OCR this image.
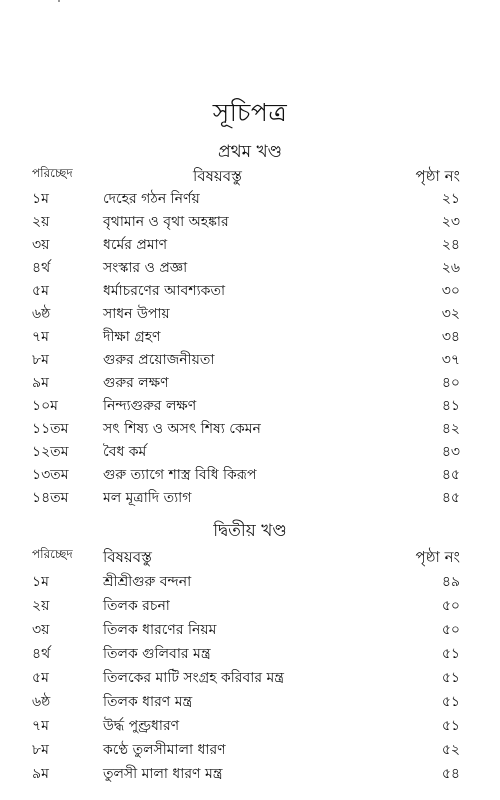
সূচিপত্র
প্রথম খণ্ড
পরিচ্ছেদ	বিষয়বস্তু	পৃষ্ঠা নং
১ম	দেহের গঠন নির্ণয়	২১
২য়	বৃথামান ও বৃথা অহঙ্কার	২৩
৩য়	ধর্মের প্রমাণ	২৪
৪র্থ	সংস্কার ও প্রজ্ঞা	২৬
৫ম	ধর্মাচরণের আবশ্যকতা	৩০
৬ষ্ঠ	সাধন উপায়	৩২
৭ম	দীক্ষা গ্রহণ	৩৪
৮ম	গুরুর প্রয়োজনীয়তা	৩৭
৯ম	গুরুর লক্ষণ	৪০
১০ম	নিন্দ্যগুরুর লক্ষণ	৪১
১১তম সৎ শিষ্য ও অসৎ শিষ্য কেমন	৪২
১২তম বৈধ কর্ম	৪৩
১৩তম গুরু ত্যাগে শাস্ত্র বিধি কিরূপ	৪৫
১৪তম মল মূত্রাদি ত্যাগ	৪৫
দ্বিতীয় খণ্ড
পরিচ্ছেদ বিষয়বস্তু	পৃষ্ঠা নং
১ম	শ্রীশ্রীগুরু বন্দনা	৪৯
২য়	তিলক রচনা	৫০
৩য়	তিলক ধারণের নিয়ম	৫০
৪র্থ	তিলক গুলিবার মন্ত্র	৫১
৫ম	তিলকের মাটি সংগ্রহ করিবার মন্ত্র	৫১
৬ষ্ঠ	তিলক ধারণ মন্ত্র	৫১
৭ম	উর্দ্ধ পুণ্ড্রধারণ	৫১
৮ম	কণ্ঠে তুলসীমালা ধারণ	৫২
৯ম	তুলসী মালা ধারণ মন্ত্র	৫৪
